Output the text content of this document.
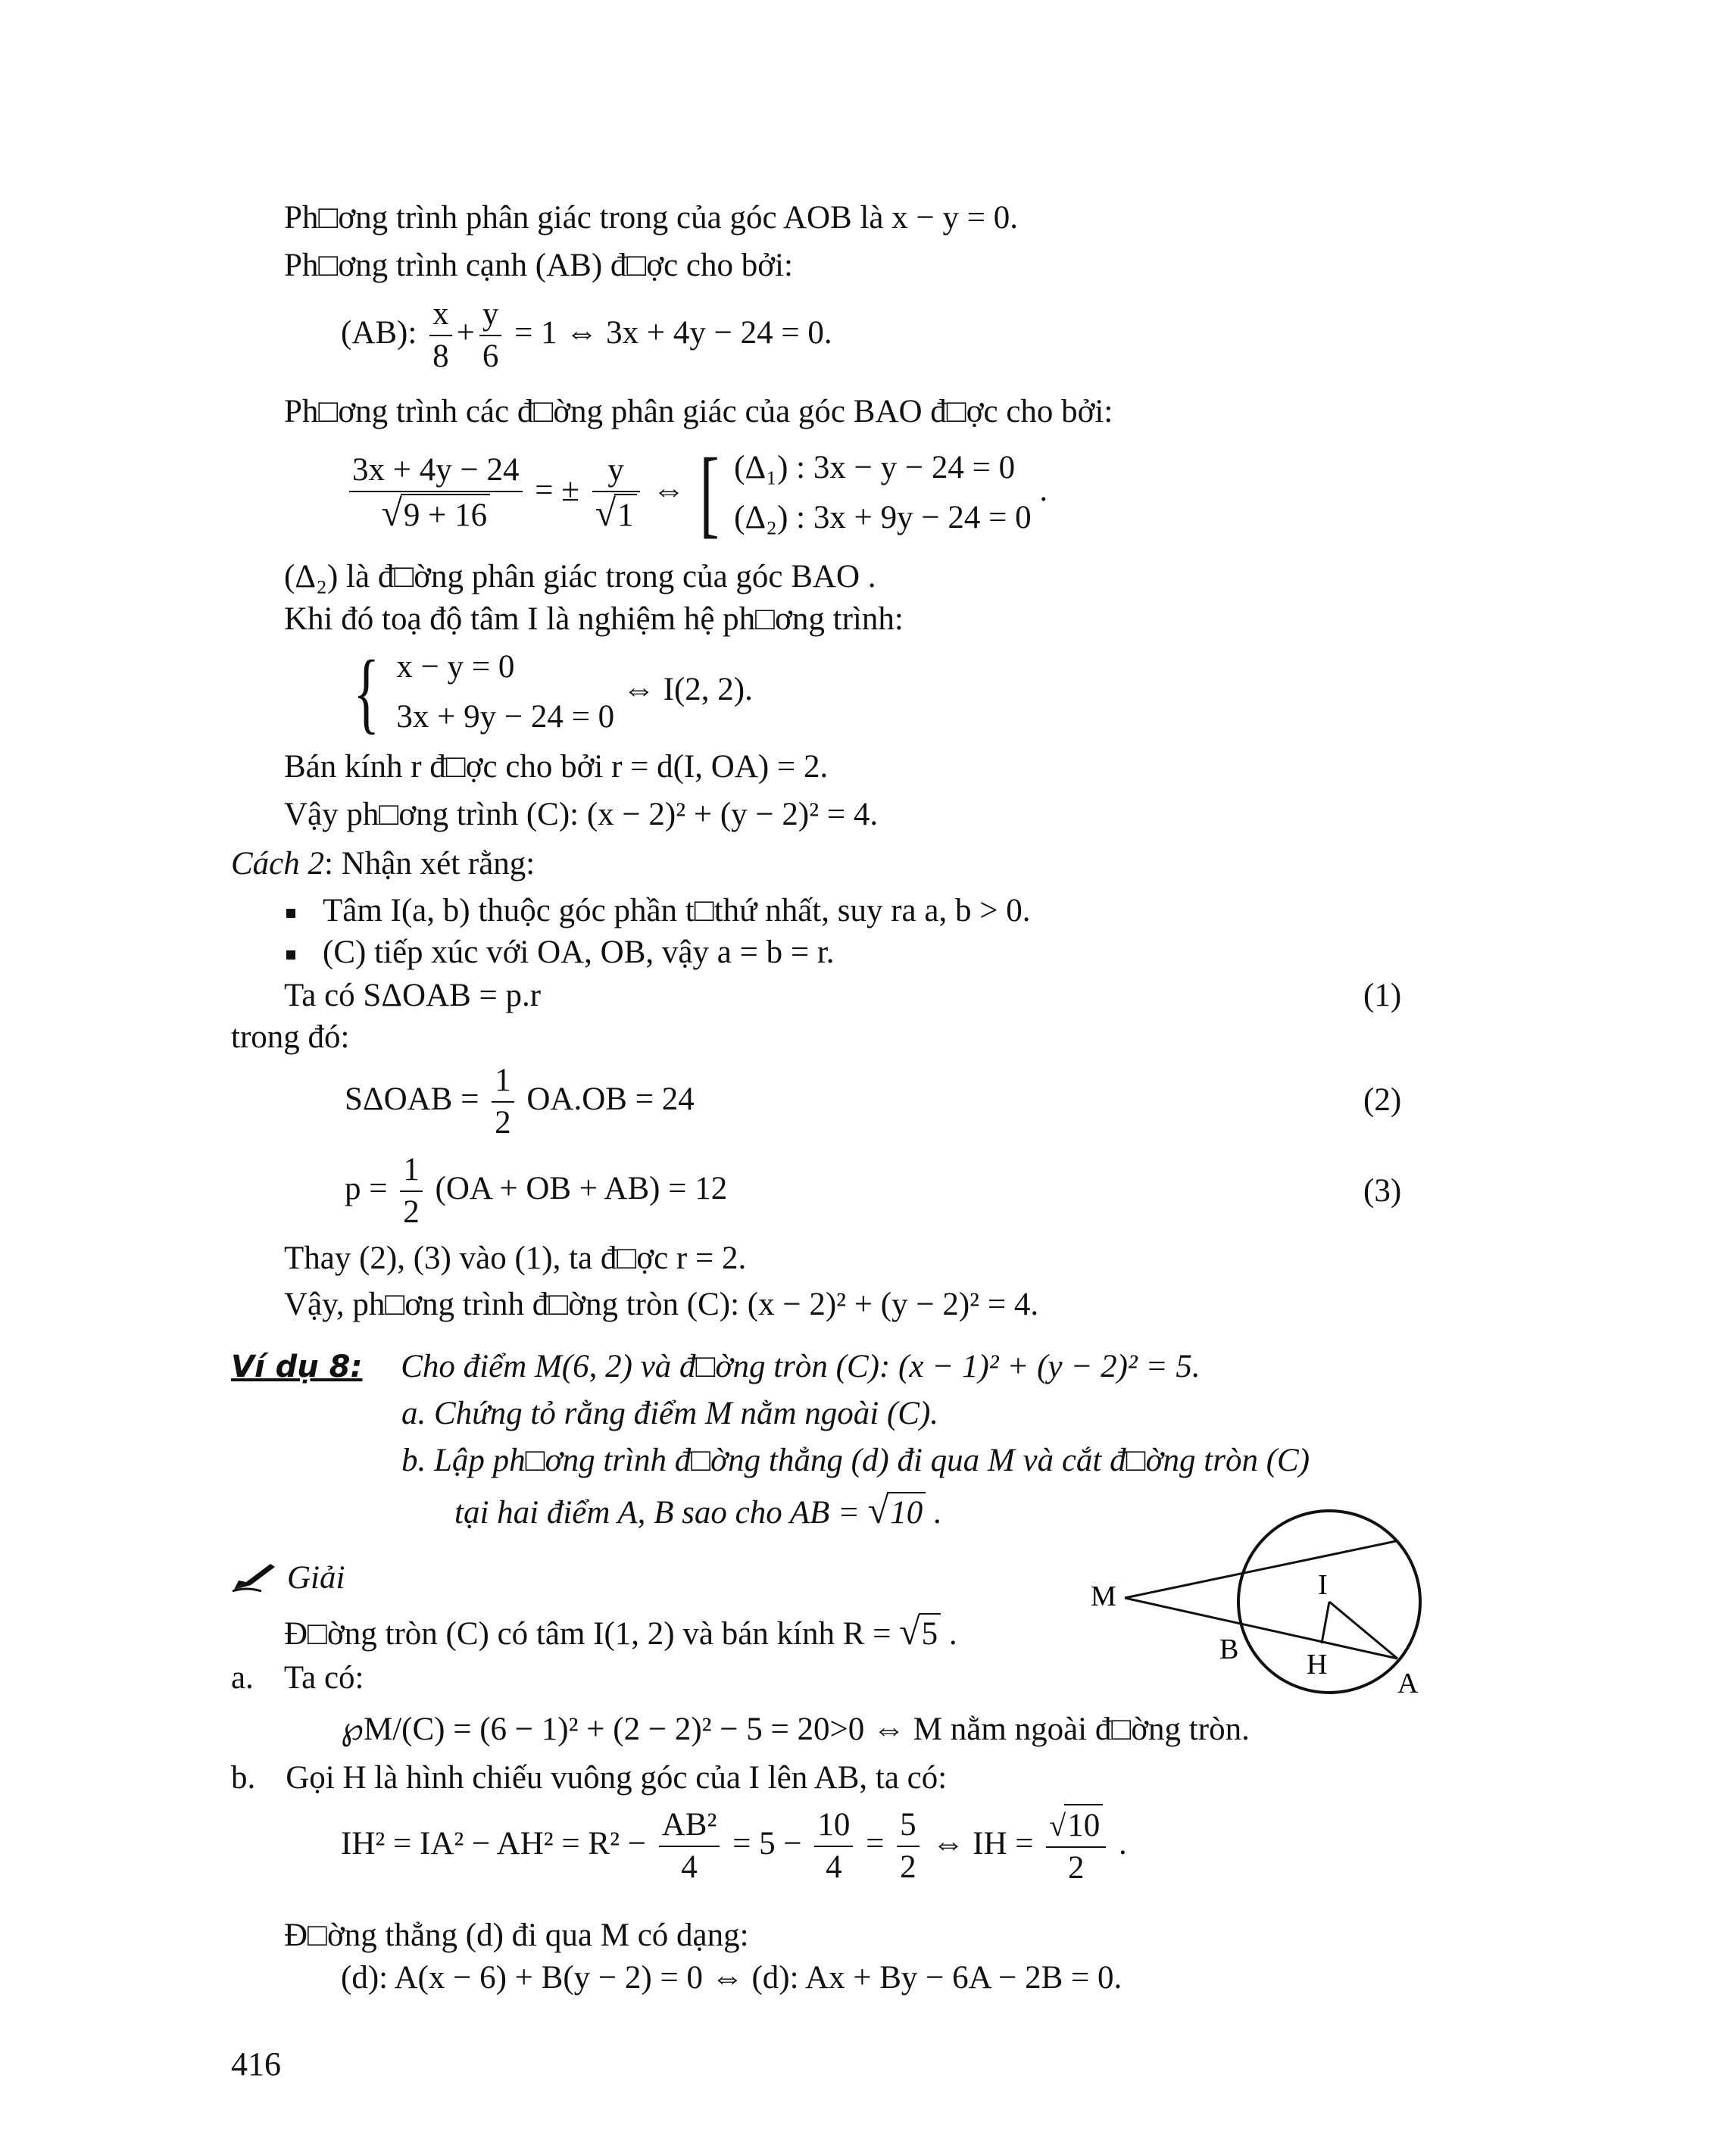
Ph□ơng trình phân giác trong của góc AOB là x − y = 0.
Ph□ơng trình cạnh (AB) đ□ợc cho bởi:
(AB): $\frac{x}{8} + \frac{y}{6} = 1$ ⇔ 3x + 4y − 24 = 0.
Ph□ơng trình các đ□ờng phân giác của góc BAO đ□ợc cho bởi:
$\frac{3x + 4y - 24}{√9 + 16}$ = ± $\frac{y}{√1}$ ⇔ [ (Δ₁) : 3x − y − 24 = 0
(Δ₂) : 3x + 9y − 24 = 0
.
(Δ₂) là đ□ờng phân giác trong của góc BAO .
Khi đó toạ độ tâm I là nghiệm hệ ph□ơng trình:
{ x − y = 0
3x + 9y − 24 = 0
⇔ I(2, 2).
Bán kính r đ□ợc cho bởi r = d(I, OA) = 2.
Vậy ph□ơng trình (C): (x − 2)² + (y − 2)² = 4.
Cách 2: Nhận xét rằng:
Tâm I(a, b) thuộc góc phần t□thứ nhất, suy ra a, b > 0.
(C) tiếp xúc với OA, OB, vậy a = b = r.
Ta có SΔOAB = p.r	(1)
trong đó:
$S\Delta OAB = \frac{1}{2} OA.OB = 24$	(2)
$p = \frac{1}{2} (OA$ + OB + AB) = 12	(3)
Thay (2), (3) vào (1), ta đ□ợc r = 2.
Vậy, ph□ơng trình đ□ờng tròn (C): (x − 2)² + (y − 2)² = 4.
Ví dụ 8: Cho điểm M(6, 2) và đ□ờng tròn (C): (x − 1)² + (y − 2)² = 5.
a. Chứng tỏ rằng điểm M nằm ngoài (C).
b. Lập ph□ơng trình đ□ờng thẳng (d) đi qua M và cắt đ□ờng tròn (C)
tại hai điểm A, B sao cho AB = √10 .
Giải
Đ□ờng tròn (C) có tâm I(1, 2) và bán kính R = √5 .
a. Ta có:
℘M/(C) = (6 − 1)² + (2 − 2)² − 5 = 20>0 ⇔ M nằm ngoài đ□ờng tròn.
b. Gọi H là hình chiếu vuông góc của I lên AB, ta có:
$IH^2 = IA^2 - AH^2 = R^2 - \frac{\text{AB²}}{4} = 5 - \frac{10}{4} = \frac{5}{2}$ ⇔ IH = $\frac{√10}{2}$ .
Đ□ờng thẳng (d) đi qua M có dạng:
(d): A(x − 6) + B(y − 2) = 0 ⇔ (d): Ax + By − 6A − 2B = 0.
M	I
B H
A
416
